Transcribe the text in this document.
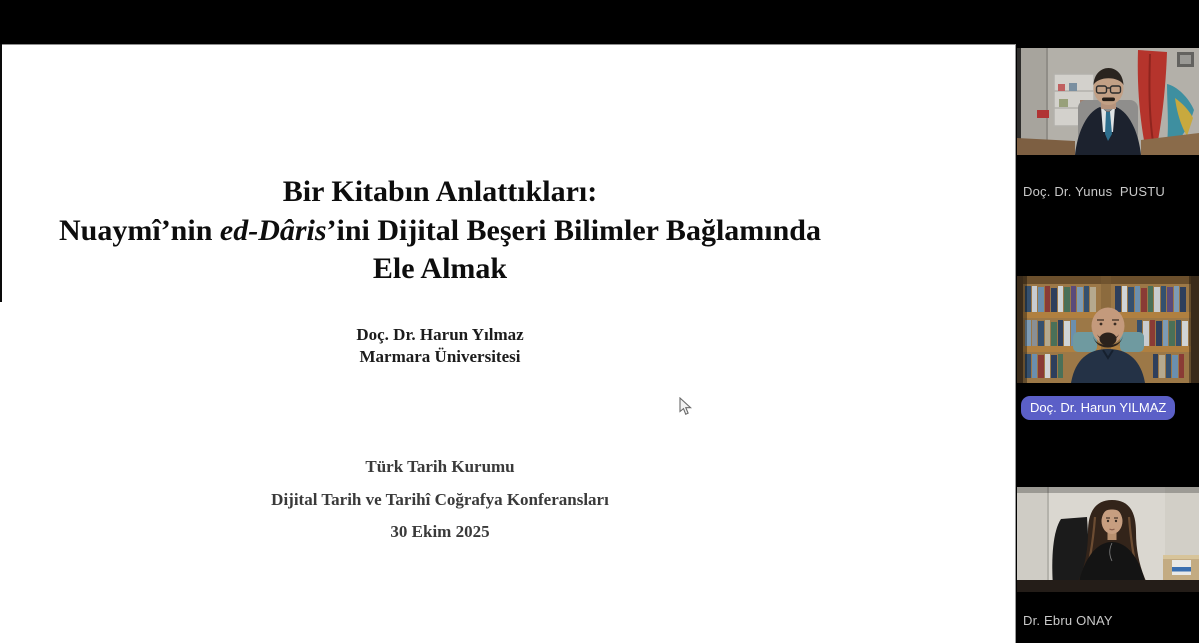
Bir Kitabın Anlattıkları:
Nuaymî’nin ed-Dâris’ini Dijital Beşeri Bilimler Bağlamında
Ele Almak
Doç. Dr. Harun Yılmaz
Marmara Üniversitesi
Türk Tarih Kurumu
Dijital Tarih ve Tarihî Coğrafya Konferansları
30 Ekim 2025
Doç. Dr. Yunus  PUSTU
Doç. Dr. Harun YILMAZ
Dr. Ebru ONAY
